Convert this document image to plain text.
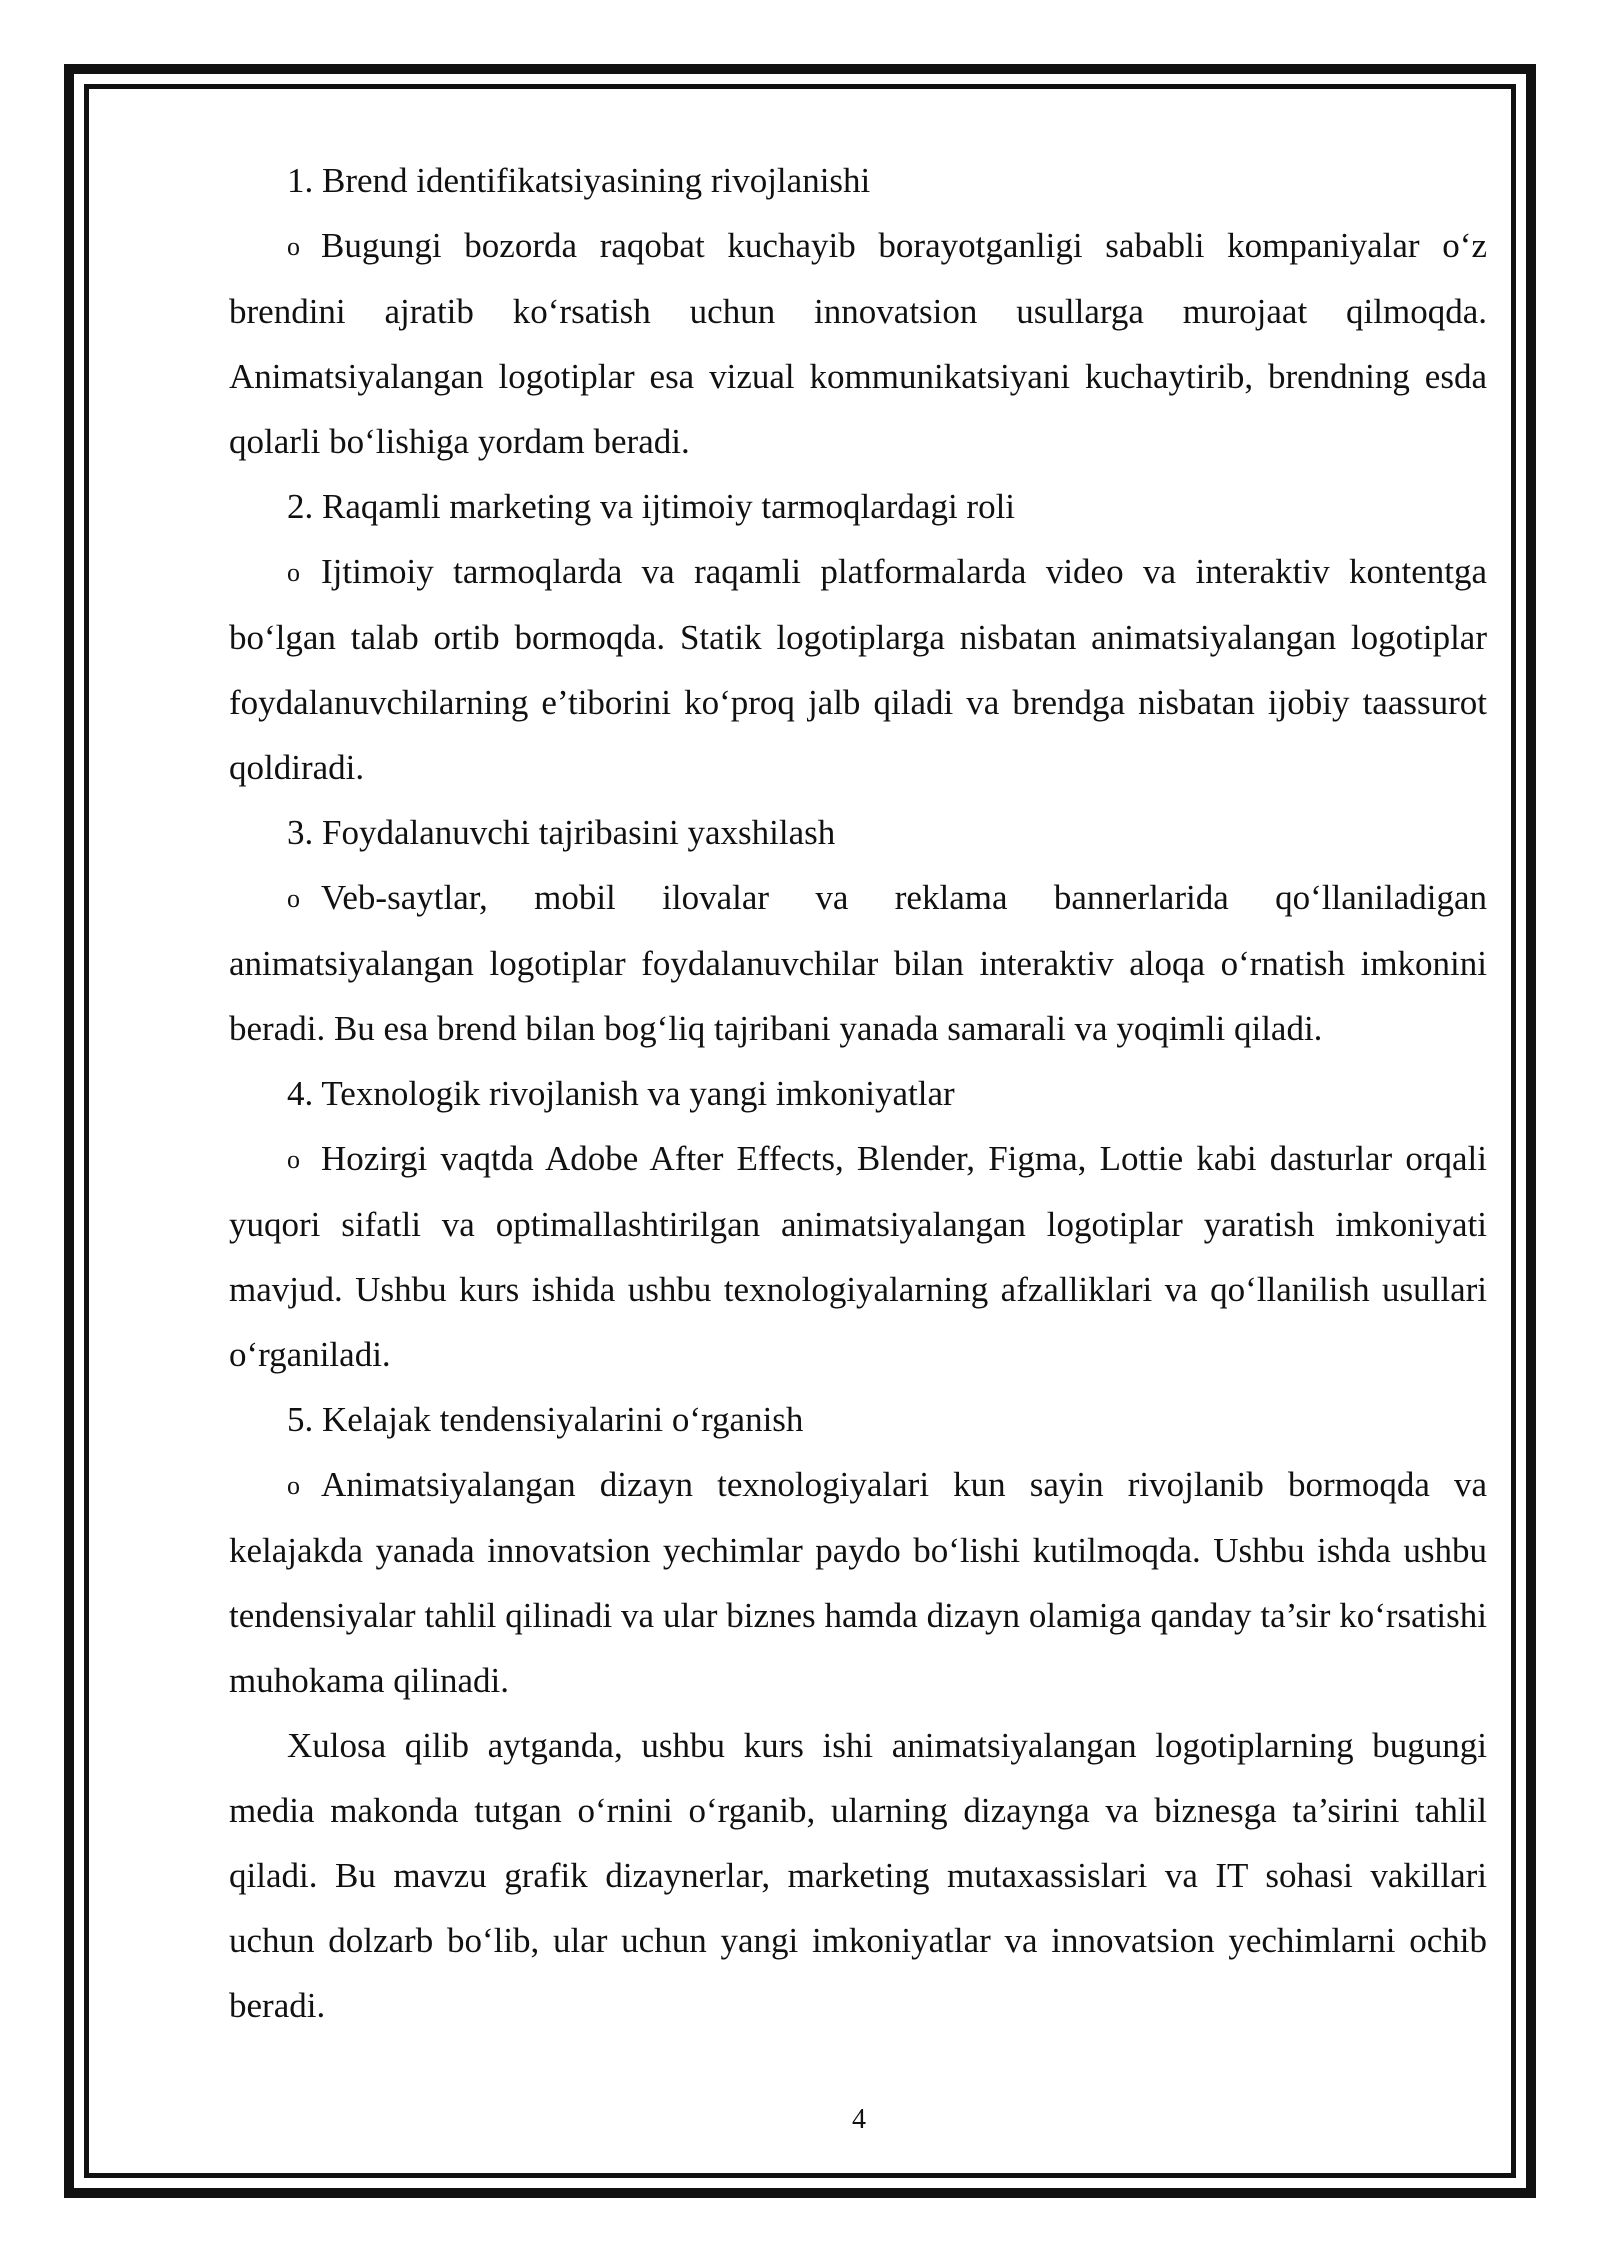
1. Brend identifikatsiyasining rivojlanishi

o Bugungi bozorda raqobat kuchayib borayotganligi sababli kompaniyalar o‘z brendini ajratib ko‘rsatish uchun innovatsion usullarga murojaat qilmoqda. Animatsiyalangan logotiplar esa vizual kommunikatsiyani kuchaytirib, brendning esda qolarli bo‘lishiga yordam beradi.

2. Raqamli marketing va ijtimoiy tarmoqlardagi roli

o Ijtimoiy tarmoqlarda va raqamli platformalarda video va interaktiv kontentga bo‘lgan talab ortib bormoqda. Statik logotiplarga nisbatan animatsiyalangan logotiplar foydalanuvchilarning e’tiborini ko‘proq jalb qiladi va brendga nisbatan ijobiy taassurot qoldiradi.

3. Foydalanuvchi tajribasini yaxshilash

o Veb-saytlar, mobil ilovalar va reklama bannerlarida qo‘llaniladigan animatsiyalangan logotiplar foydalanuvchilar bilan interaktiv aloqa o‘rnatish imkonini beradi. Bu esa brend bilan bog‘liq tajribani yanada samarali va yoqimli qiladi.

4. Texnologik rivojlanish va yangi imkoniyatlar

o Hozirgi vaqtda Adobe After Effects, Blender, Figma, Lottie kabi dasturlar orqali yuqori sifatli va optimallashtirilgan animatsiyalangan logotiplar yaratish imkoniyati mavjud. Ushbu kurs ishida ushbu texnologiyalarning afzalliklari va qo‘llanilish usullari o‘rganiladi.

5. Kelajak tendensiyalarini o‘rganish

o Animatsiyalangan dizayn texnologiyalari kun sayin rivojlanib bormoqda va kelajakda yanada innovatsion yechimlar paydo bo‘lishi kutilmoqda. Ushbu ishda ushbu tendensiyalar tahlil qilinadi va ular biznes hamda dizayn olamiga qanday ta’sir ko‘rsatishi muhokama qilinadi.

Xulosa qilib aytganda, ushbu kurs ishi animatsiyalangan logotiplarning bugungi media makonda tutgan o‘rnini o‘rganib, ularning dizaynga va biznesga ta’sirini tahlil qiladi. Bu mavzu grafik dizaynerlar, marketing mutaxassislari va IT sohasi vakillari uchun dolzarb bo‘lib, ular uchun yangi imkoniyatlar va innovatsion yechimlarni ochib beradi.

4
